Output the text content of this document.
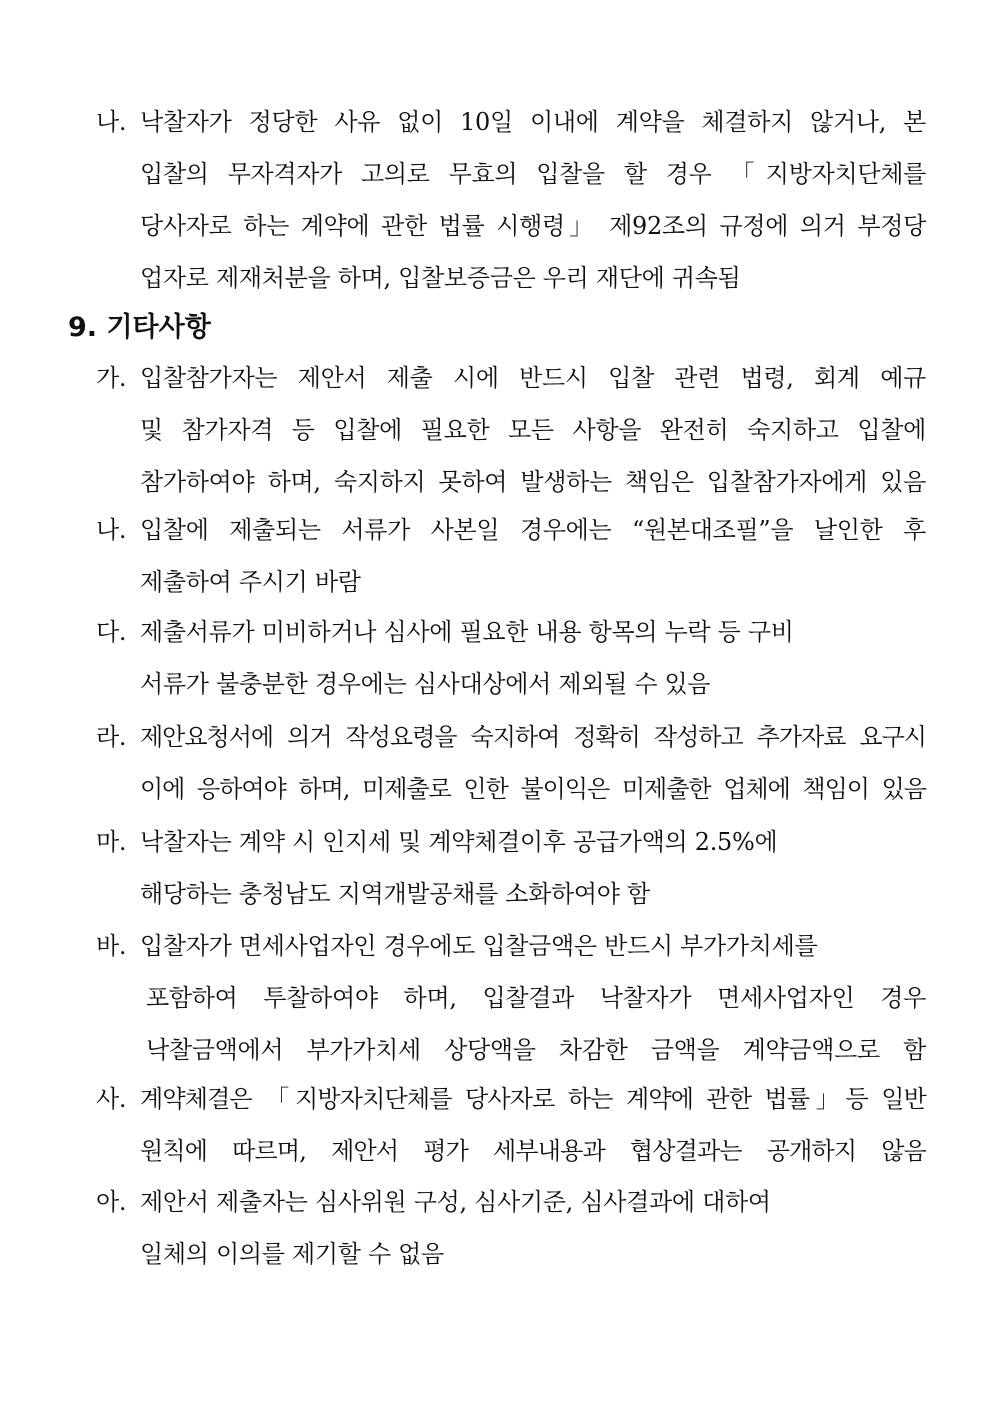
나. 낙찰자가 정당한 사유 없이 10일 이내에 계약을 체결하지 않거나, 본
입찰의 무자격자가 고의로 무효의 입찰을 할 경우 「지방자치단체를
당사자로 하는 계약에 관한 법률 시행령」 제92조의 규정에 의거 부정당
업자로 제재처분을 하며, 입찰보증금은 우리 재단에 귀속됨
9. 기타사항
가. 입찰참가자는 제안서 제출 시에 반드시 입찰 관련 법령, 회계 예규
및 참가자격 등 입찰에 필요한 모든 사항을 완전히 숙지하고 입찰에
참가하여야 하며, 숙지하지 못하여 발생하는 책임은 입찰참가자에게 있음
나. 입찰에 제출되는 서류가 사본일 경우에는 “원본대조필”을 날인한 후
제출하여 주시기 바람
다. 제출서류가 미비하거나 심사에 필요한 내용 항목의 누락 등 구비
서류가 불충분한 경우에는 심사대상에서 제외될 수 있음
라. 제안요청서에 의거 작성요령을 숙지하여 정확히 작성하고 추가자료 요구시
이에 응하여야 하며, 미제출로 인한 불이익은 미제출한 업체에 책임이 있음
마. 낙찰자는 계약 시 인지세 및 계약체결이후 공급가액의 2.5%에
해당하는 충청남도 지역개발공채를 소화하여야 함
바. 입찰자가 면세사업자인 경우에도 입찰금액은 반드시 부가가치세를
포함하여 투찰하여야 하며, 입찰결과 낙찰자가 면세사업자인 경우
낙찰금액에서 부가가치세 상당액을 차감한 금액을 계약금액으로 함
사. 계약체결은 「지방자치단체를 당사자로 하는 계약에 관한 법률」등 일반
원칙에 따르며, 제안서 평가 세부내용과 협상결과는 공개하지 않음
아. 제안서 제출자는 심사위원 구성, 심사기준, 심사결과에 대하여
일체의 이의를 제기할 수 없음
